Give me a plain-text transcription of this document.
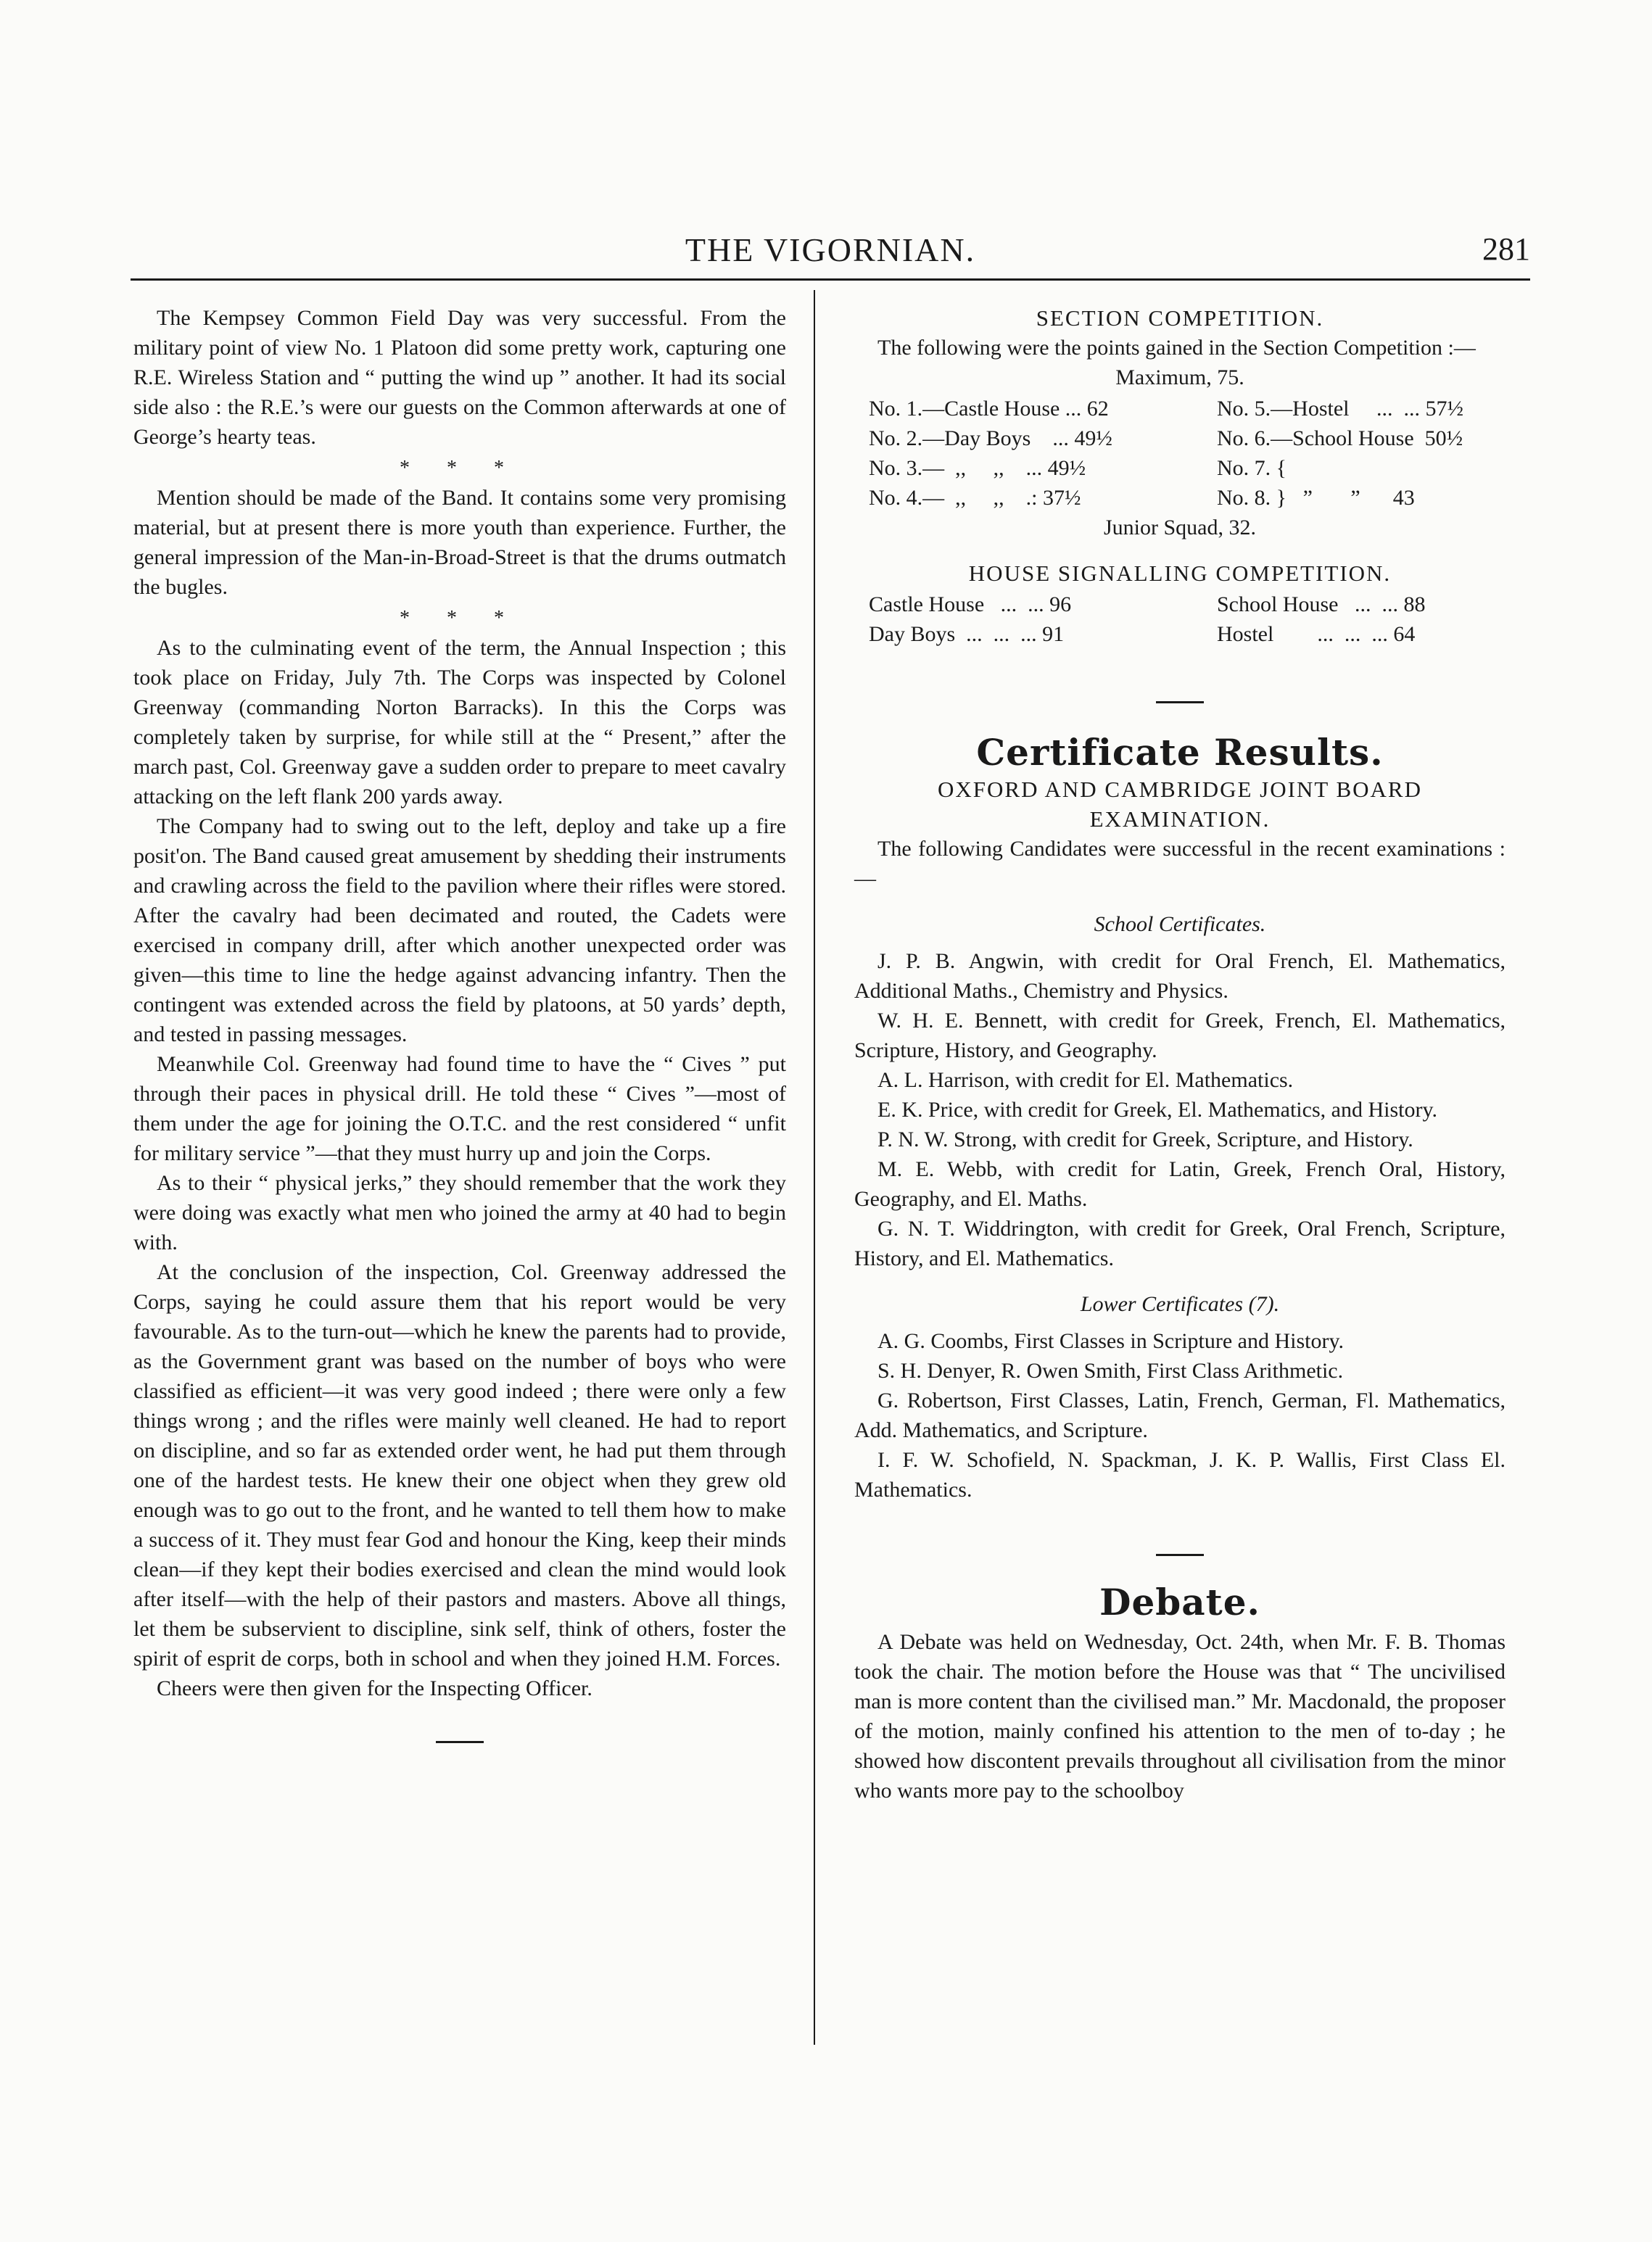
THE VIGORNIAN.	281

The Kempsey Common Field Day was very successful. From the military point of view No. 1 Platoon did some pretty work, capturing one R.E. Wireless Station and “ putting the wind up ” another. It had its social side also : the R.E.’s were our guests on the Common afterwards at one of George’s hearty teas.

* * *

Mention should be made of the Band. It contains some very promising material, but at present there is more youth than experience. Further, the general impression of the Man-in-Broad-Street is that the drums outmatch the bugles.

* * *

As to the culminating event of the term, the Annual Inspection ; this took place on Friday, July 7th. The Corps was inspected by Colonel Greenway (commanding Norton Barracks). In this the Corps was completely taken by surprise, for while still at the “ Present,” after the march past, Col. Greenway gave a sudden order to prepare to meet cavalry attacking on the left flank 200 yards away.

The Company had to swing out to the left, deploy and take up a fire posit'on. The Band caused great amusement by shedding their instruments and crawling across the field to the pavilion where their rifles were stored. After the cavalry had been decimated and routed, the Cadets were exercised in company drill, after which another unexpected order was given—this time to line the hedge against advancing infantry. Then the contingent was extended across the field by platoons, at 50 yards’ depth, and tested in passing messages.

Meanwhile Col. Greenway had found time to have the “ Cives ” put through their paces in physical drill. He told these “ Cives ”—most of them under the age for joining the O.T.C. and the rest considered “ unfit for military service ”—that they must hurry up and join the Corps.

As to their “ physical jerks,” they should remember that the work they were doing was exactly what men who joined the army at 40 had to begin with.

At the conclusion of the inspection, Col. Greenway addressed the Corps, saying he could assure them that his report would be very favourable. As to the turn-out—which he knew the parents had to provide, as the Government grant was based on the number of boys who were classified as efficient—it was very good indeed ; there were only a few things wrong ; and the rifles were mainly well cleaned. He had to report on discipline, and so far as extended order went, he had put them through one of the hardest tests. He knew their one object when they grew old enough was to go out to the front, and he wanted to tell them how to make a success of it. They must fear God and honour the King, keep their minds clean—if they kept their bodies exercised and clean the mind would look after itself—with the help of their pastors and masters. Above all things, let them be subservient to discipline, sink self, think of others, foster the spirit of esprit de corps, both in school and when they joined H.M. Forces.

Cheers were then given for the Inspecting Officer.

SECTION COMPETITION.

The following were the points gained in the Section Competition :—

Maximum, 75.
No. 1.—Castle House ... 62	No. 5.—Hostel     ...  ... 57½
No. 2.—Day Boys    ... 49½	No. 6.—School House  50½
No. 3.—  ,,     ,,    ... 49½	No. 7. {
No. 4.—  ,,     ,,    .: 37½	No. 8. }   ”       ”      43
Junior Squad, 32.
HOUSE SIGNALLING COMPETITION.
Castle House   ...  ... 96	School House   ...  ... 88
Day Boys  ...  ...  ... 91	Hostel        ...  ...  ... 64
Certificate Results.
OXFORD AND CAMBRIDGE JOINT BOARD EXAMINATION.

The following Candidates were successful in the recent examinations :—

School Certificates.

J. P. B. Angwin, with credit for Oral French, El. Mathematics, Additional Maths., Chemistry and Physics.

W. H. E. Bennett, with credit for Greek, French, El. Mathematics, Scripture, History, and Geography.

A. L. Harrison, with credit for El. Mathematics.

E. K. Price, with credit for Greek, El. Mathematics, and History.

P. N. W. Strong, with credit for Greek, Scripture, and History.

M. E. Webb, with credit for Latin, Greek, French Oral, History, Geography, and El. Maths.

G. N. T. Widdrington, with credit for Greek, Oral French, Scripture, History, and El. Mathematics.

Lower Certificates (7).

A. G. Coombs, First Classes in Scripture and History.

S. H. Denyer, R. Owen Smith, First Class Arithmetic.

G. Robertson, First Classes, Latin, French, German, Fl. Mathematics, Add. Mathematics, and Scripture.

I. F. W. Schofield, N. Spackman, J. K. P. Wallis, First Class El. Mathematics.

Debate.

A Debate was held on Wednesday, Oct. 24th, when Mr. F. B. Thomas took the chair. The motion before the House was that “ The uncivilised man is more content than the civilised man.” Mr. Macdonald, the proposer of the motion, mainly confined his attention to the men of to-day ; he showed how discontent prevails throughout all civilisation from the minor who wants more pay to the schoolboy
